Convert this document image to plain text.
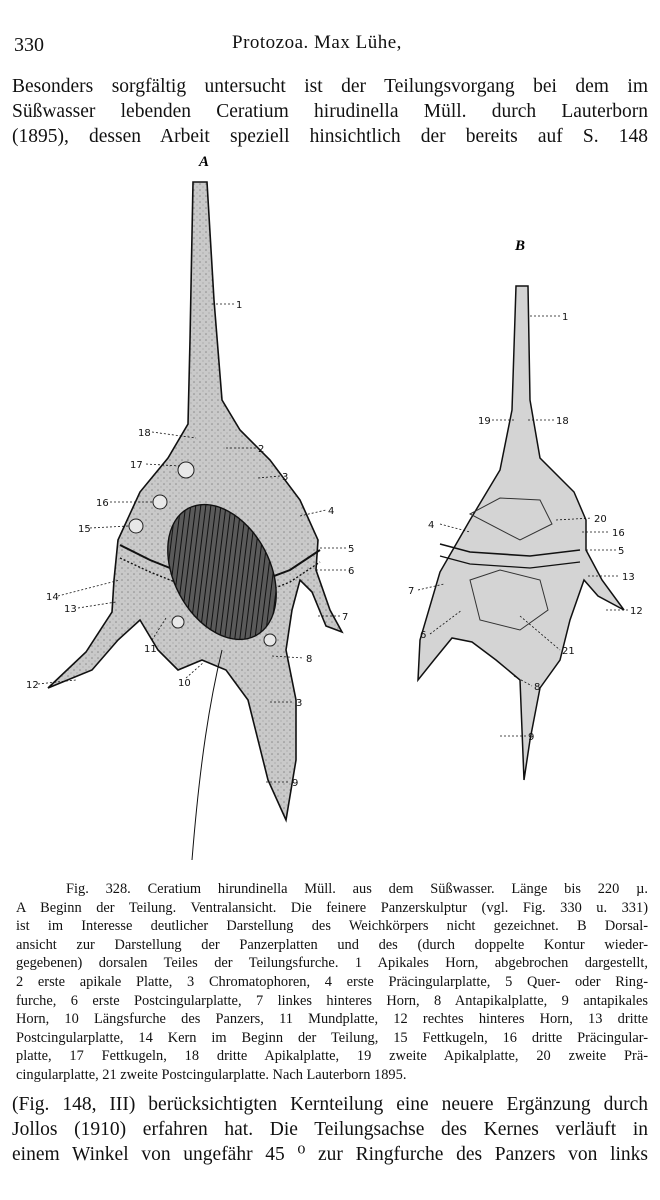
330	Protozoa. Max Lühe,
Besonders sorgfältig untersucht ist der Teilungsvorgang bei dem im
Süßwasser lebenden Ceratium hirudinella Müll. durch Lauterborn
(1895), dessen Arbeit speziell hinsichtlich der bereits auf S. 148
A
B
1
18
2
17
3
16
4
15
5
6
14
13
7
11
8
10
12
3
9
1
19	18
4
20
16
5
7
13
6
12
21
8
9
Fig. 328. Ceratium hirundinella Müll. aus dem Süßwasser. Länge bis 220 µ.
A Beginn der Teilung. Ventralansicht. Die feinere Panzerskulptur (vgl. Fig. 330 u. 331)
ist im Interesse deutlicher Darstellung des Weichkörpers nicht gezeichnet. B Dorsal-
ansicht zur Darstellung der Panzerplatten und des (durch doppelte Kontur wieder-
gegebenen) dorsalen Teiles der Teilungsfurche. 1 Apikales Horn, abgebrochen dargestellt,
2 erste apikale Platte, 3 Chromatophoren, 4 erste Präcingularplatte, 5 Quer- oder Ring-
furche, 6 erste Postcingularplatte, 7 linkes hinteres Horn, 8 Antapikalplatte, 9 antapikales
Horn, 10 Längsfurche des Panzers, 11 Mundplatte, 12 rechtes hinteres Horn, 13 dritte
Postcingularplatte, 14 Kern im Beginn der Teilung, 15 Fettkugeln, 16 dritte Präcingular-
platte, 17 Fettkugeln, 18 dritte Apikalplatte, 19 zweite Apikalplatte, 20 zweite Prä-
cingularplatte, 21 zweite Postcingularplatte. Nach Lauterborn 1895.
(Fig. 148, III) berücksichtigten Kernteilung eine neuere Ergänzung durch
Jollos (1910) erfahren hat. Die Teilungsachse des Kernes verläuft in
einem Winkel von ungefähr 45 ⁰ zur Ringfurche des Panzers von links
